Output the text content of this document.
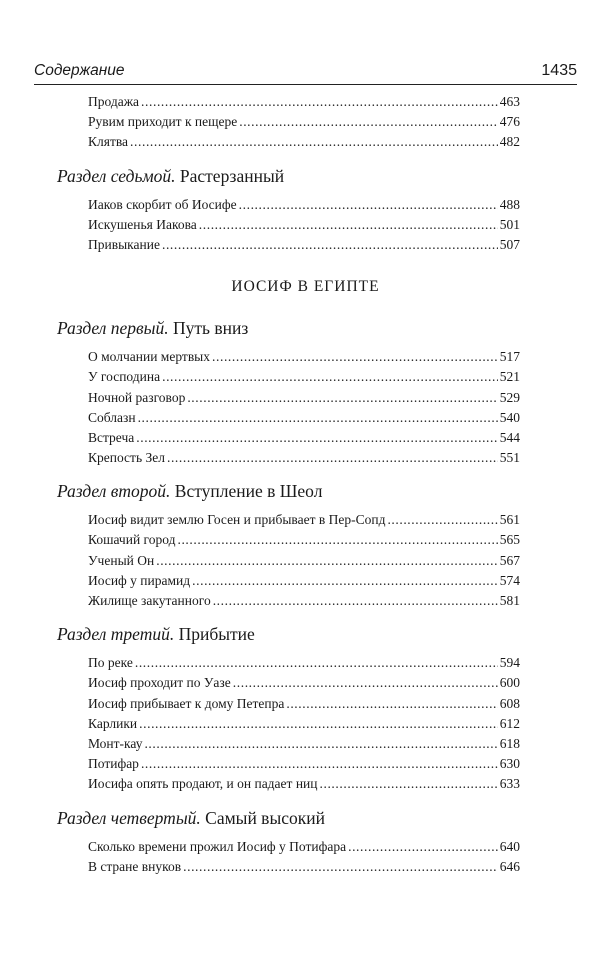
Содержание	1435
Продажа .....	463
Рувим приходит к пещере .....	476
Клятва .....	482
Раздел седьмой. Растерзанный
Иаков скорбит об Иосифе .....	488
Искушенья Иакова .....	501
Привыкание .....	507
ИОСИФ В ЕГИПТЕ
Раздел первый. Путь вниз
О молчании мертвых .....	517
У господина .....	521
Ночной разговор .....	529
Соблазн .....	540
Встреча .....	544
Крепость Зел .....	551
Раздел второй. Вступление в Шеол
Иосиф видит землю Госен и прибывает в Пер-Сопд .....	561
Кошачий город .....	565
Ученый Он .....	567
Иосиф у пирамид .....	574
Жилище закутанного .....	581
Раздел третий. Прибытие
По реке .....	594
Иосиф проходит по Уазе .....	600
Иосиф прибывает к дому Петепра .....	608
Карлики .....	612
Монт-кау .....	618
Потифар .....	630
Иосифа опять продают, и он падает ниц .....	633
Раздел четвертый. Самый высокий
Сколько времени прожил Иосиф у Потифара .....	640
В стране внуков .....	646
